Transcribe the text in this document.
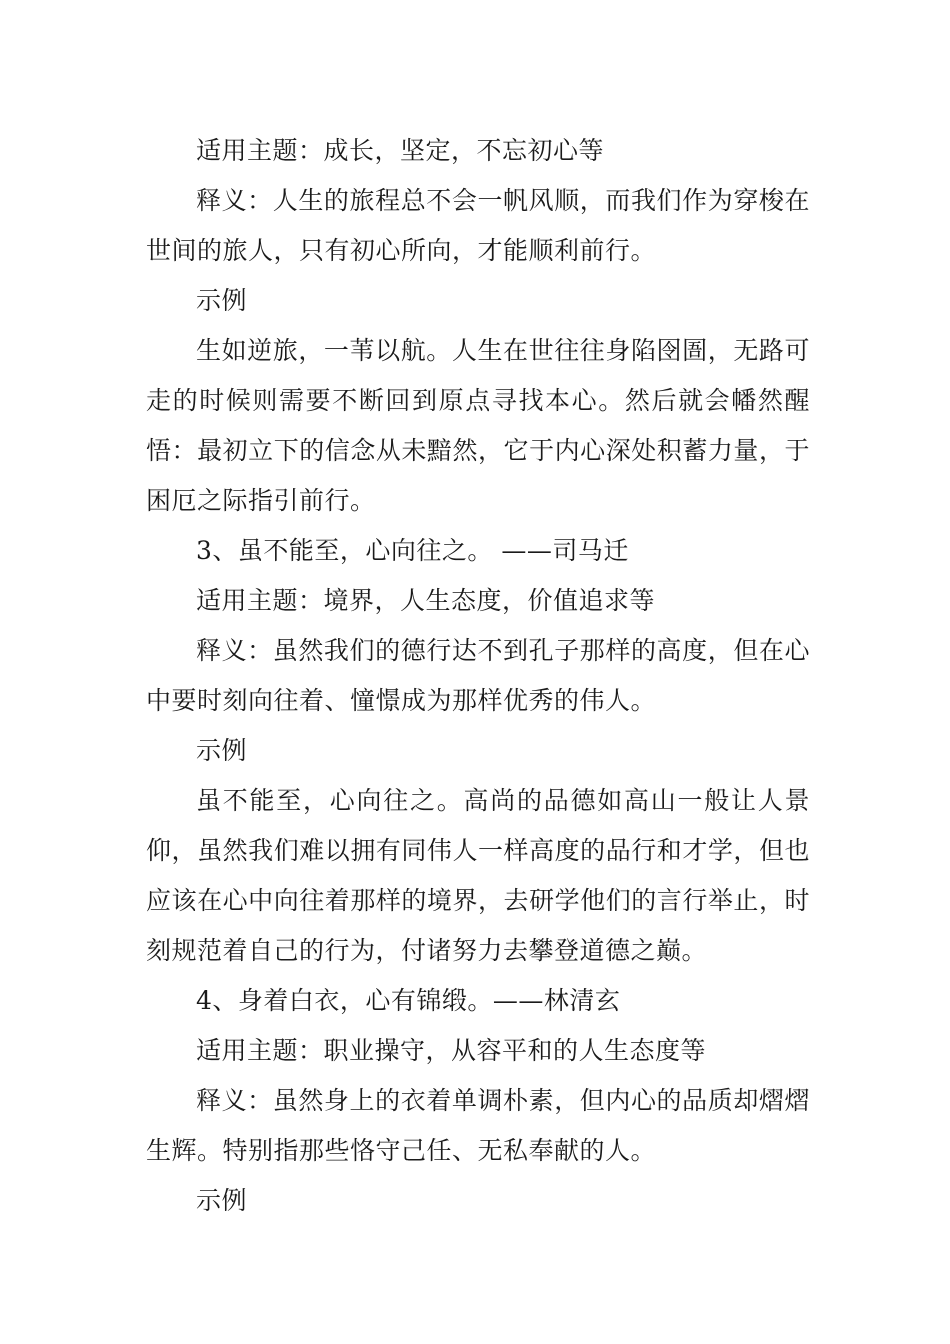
适用主题：成长，坚定，不忘初心等

释义：人生的旅程总不会一帆风顺，而我们作为穿梭在世间的旅人，只有初心所向，才能顺利前行。

示例

生如逆旅，一苇以航。人生在世往往身陷囹圄，无路可走的时候则需要不断回到原点寻找本心。然后就会幡然醒悟：最初立下的信念从未黯然，它于内心深处积蓄力量，于困厄之际指引前行。

3、虽不能至，心向往之。 ——司马迁

适用主题：境界，人生态度，价值追求等

释义：虽然我们的德行达不到孔子那样的高度，但在心中要时刻向往着、憧憬成为那样优秀的伟人。

示例

虽不能至，心向往之。高尚的品德如高山一般让人景仰，虽然我们难以拥有同伟人一样高度的品行和才学，但也应该在心中向往着那样的境界，去研学他们的言行举止，时刻规范着自己的行为，付诸努力去攀登道德之巅。

4、身着白衣，心有锦缎。——林清玄

适用主题：职业操守，从容平和的人生态度等

释义：虽然身上的衣着单调朴素，但内心的品质却熠熠生辉。特别指那些恪守己任、无私奉献的人。

示例
